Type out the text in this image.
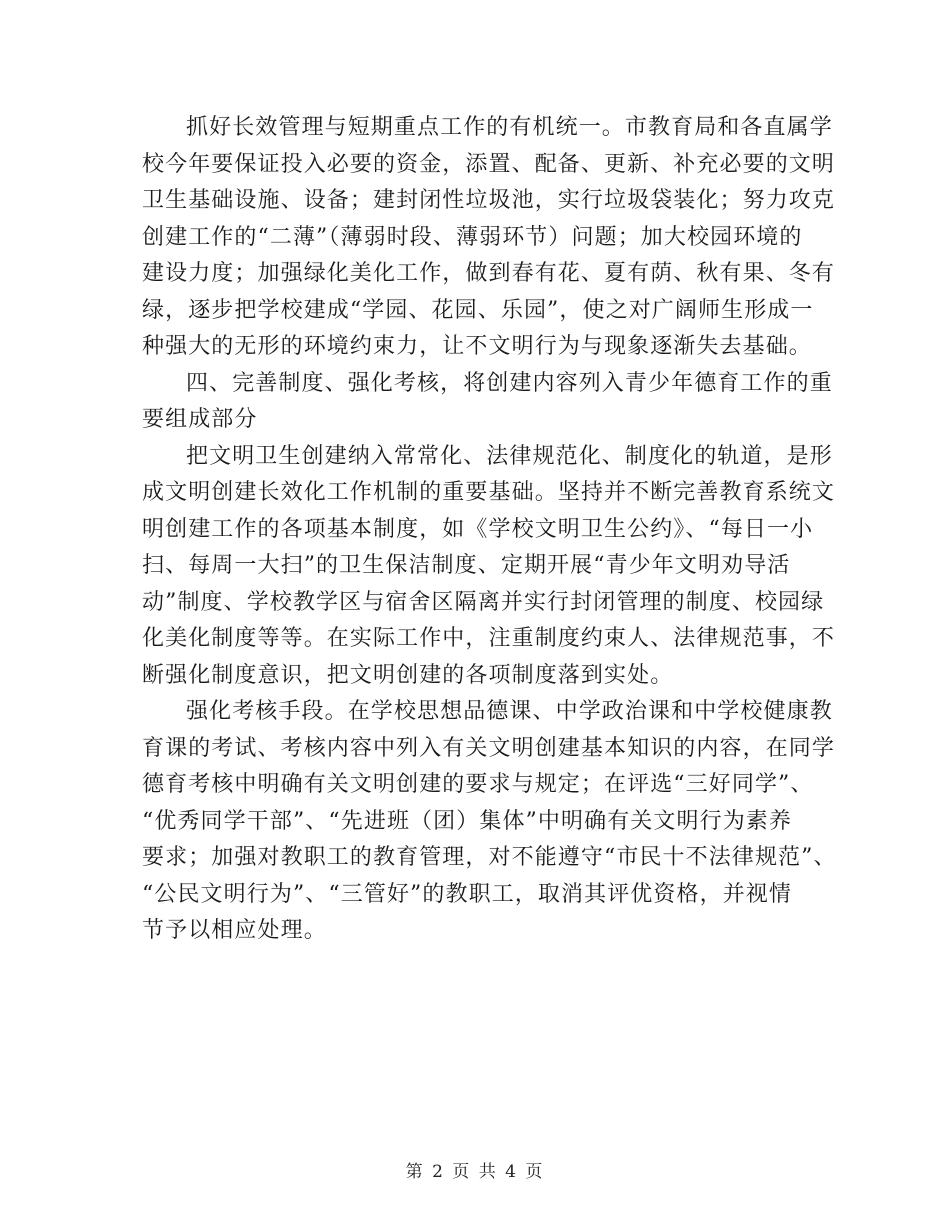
抓好长效管理与短期重点工作的有机统一。市教育局和各直属学
校今年要保证投入必要的资金，添置、配备、更新、补充必要的文明
卫生基础设施、设备；建封闭性垃圾池，实行垃圾袋装化；努力攻克
创建工作的“二薄”（薄弱时段、薄弱环节）问题；加大校园环境的
建设力度；加强绿化美化工作，做到春有花、夏有荫、秋有果、冬有
绿，逐步把学校建成“学园、花园、乐园”，使之对广阔师生形成一
种强大的无形的环境约束力，让不文明行为与现象逐渐失去基础。
四、完善制度、强化考核，将创建内容列入青少年德育工作的重
要组成部分
把文明卫生创建纳入常常化、法律规范化、制度化的轨道，是形
成文明创建长效化工作机制的重要基础。坚持并不断完善教育系统文
明创建工作的各项基本制度，如《学校文明卫生公约》、“每日一小
扫、每周一大扫”的卫生保洁制度、定期开展“青少年文明劝导活
动”制度、学校教学区与宿舍区隔离并实行封闭管理的制度、校园绿
化美化制度等等。在实际工作中，注重制度约束人、法律规范事，不
断强化制度意识，把文明创建的各项制度落到实处。
强化考核手段。在学校思想品德课、中学政治课和中学校健康教
育课的考试、考核内容中列入有关文明创建基本知识的内容，在同学
德育考核中明确有关文明创建的要求与规定；在评选“三好同学”、
“优秀同学干部”、“先进班（团）集体”中明确有关文明行为素养
要求；加强对教职工的教育管理，对不能遵守“市民十不法律规范”、
“公民文明行为”、“三管好”的教职工，取消其评优资格，并视情
节予以相应处理。
第 2 页 共 4 页
